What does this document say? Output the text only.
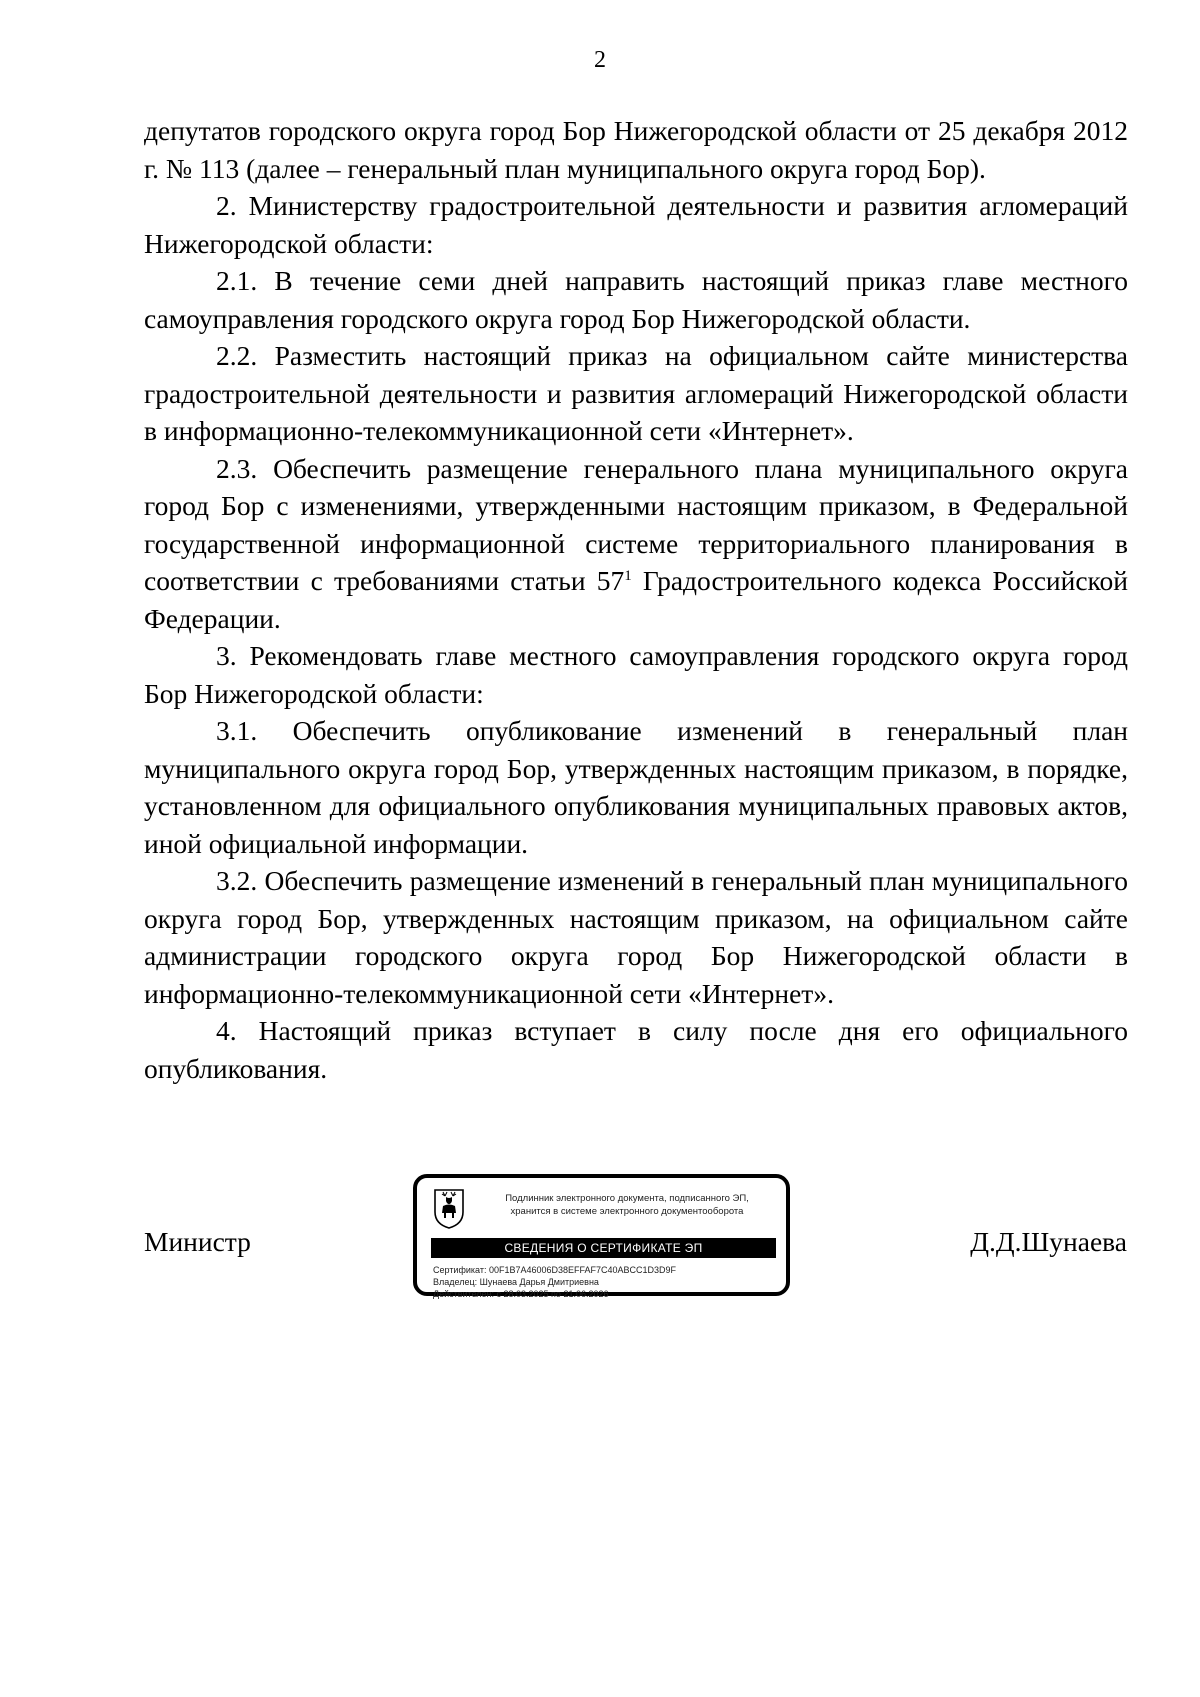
2

депутатов городского округа город Бор Нижегородской области от 25 декабря 2012 г. № 113 (далее – генеральный план муниципального округа город Бор).

2. Министерству градостроительной деятельности и развития агломераций Нижегородской области:

2.1. В течение семи дней направить настоящий приказ главе местного самоуправления городского округа город Бор Нижегородской области.

2.2. Разместить настоящий приказ на официальном сайте министерства градостроительной деятельности и развития агломераций Нижегородской области в информационно-телекоммуникационной сети «Интернет».

2.3. Обеспечить размещение генерального плана муниципального округа город Бор с изменениями, утвержденными настоящим приказом, в Федеральной государственной информационной системе территориального планирования в соответствии с требованиями статьи $57^1$ Градостроительного кодекса Российской Федерации.

3. Рекомендовать главе местного самоуправления городского округа город Бор Нижегородской области:

3.1. Обеспечить опубликование изменений в генеральный план муниципального округа город Бор, утвержденных настоящим приказом, в порядке, установленном для официального опубликования муниципальных правовых актов, иной официальной информации.

3.2. Обеспечить размещение изменений в генеральный план муниципального округа город Бор, утвержденных настоящим приказом, на официальном сайте администрации городского округа город Бор Нижегородской области в информационно-телекоммуникационной сети «Интернет».

4. Настоящий приказ вступает в силу после дня его официального опубликования.

Министр
Подлинник электронного документа, подписанного ЭП,
хранится в системе электронного документооборота
СВЕДЕНИЯ О СЕРТИФИКАТЕ ЭП
Сертификат: 00F1B7A46006D38EFFAF7C40ABCC1D3D9F
Владелец: Шунаева Дарья Дмитриевна
Действителен: с 28.03.2025 по 21.06.2026
Д.Д.Шунаева
